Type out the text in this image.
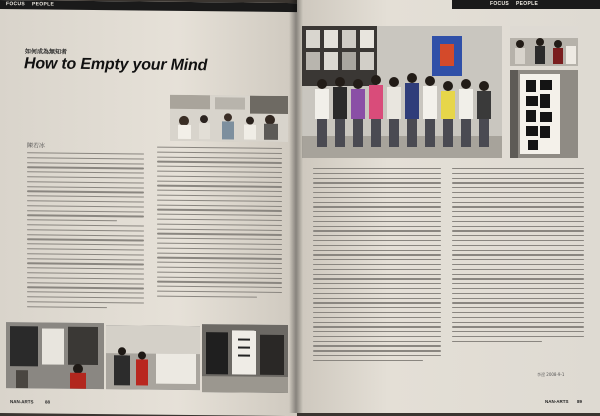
FOCUS PEOPLE
如何成為無知者
How to Empty your Mind
陳若冰
NAN-ARTS	88
FOCUS PEOPLE
李遼 2008-9-1
NAN-ARTS 89
